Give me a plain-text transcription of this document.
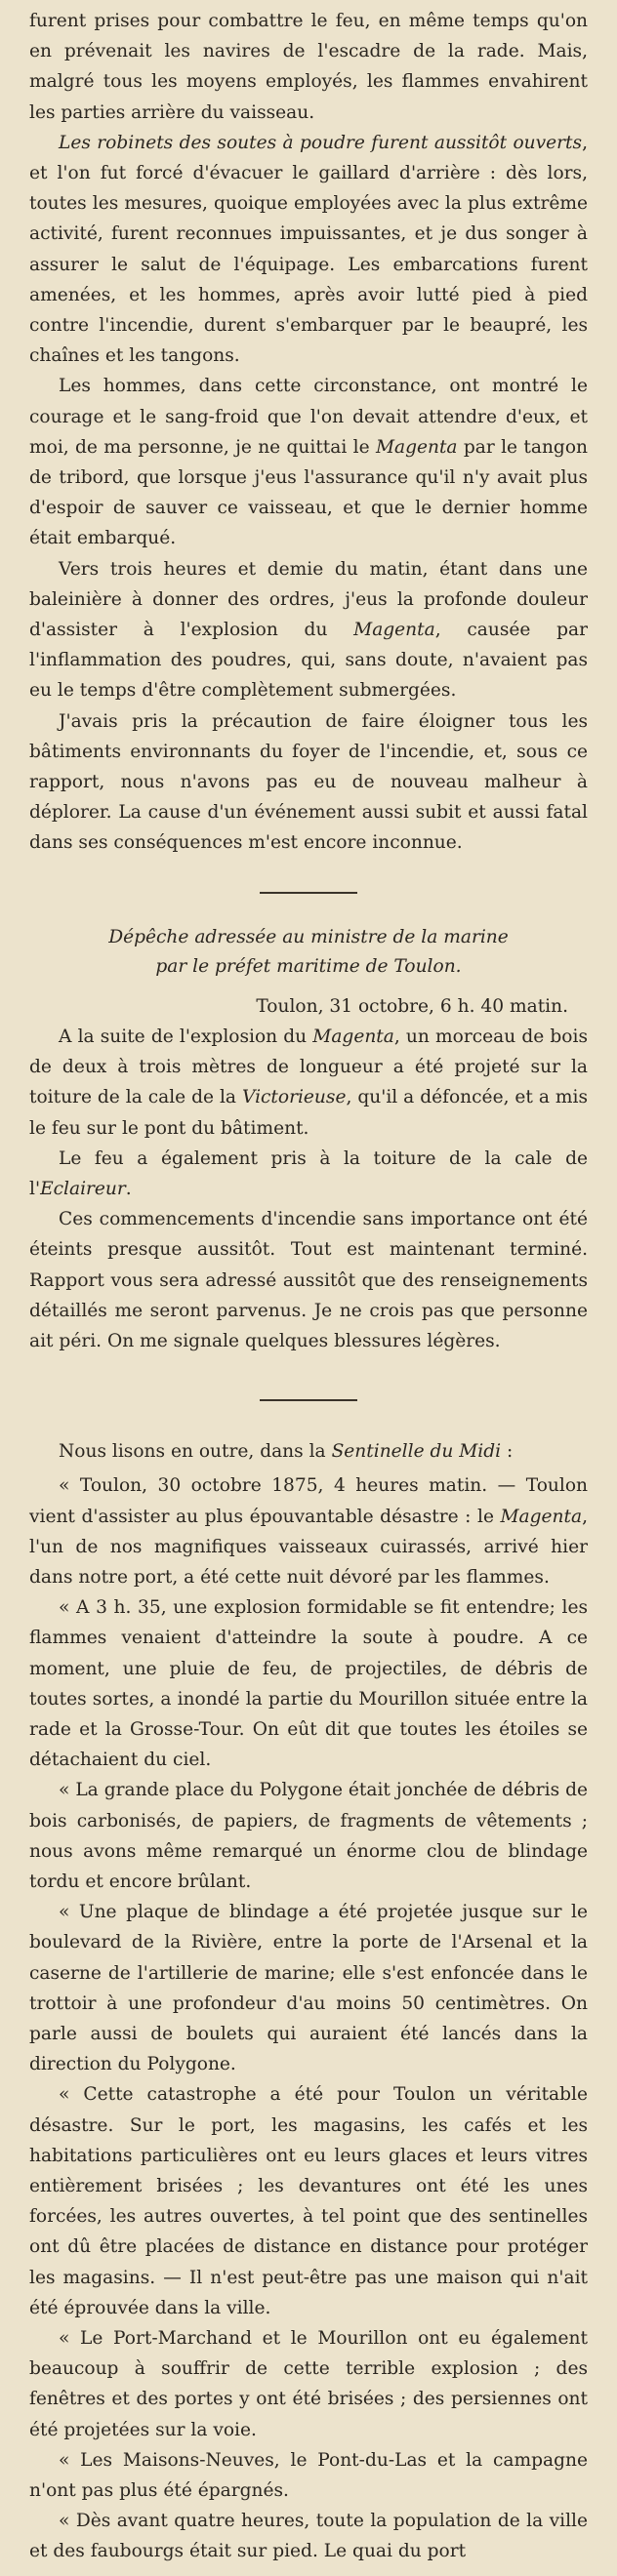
furent prises pour combattre le feu, en même temps qu'on en prévenait les navires de l'escadre de la rade. Mais, malgré tous les moyens employés, les flammes envahirent les parties arrière du vaisseau.

Les robinets des soutes à poudre furent aussitôt ouverts, et l'on fut forcé d'évacuer le gaillard d'arrière : dès lors, toutes les mesures, quoique employées avec la plus extrême activité, furent reconnues impuissantes, et je dus songer à assurer le salut de l'équipage. Les embarcations furent amenées, et les hommes, après avoir lutté pied à pied contre l'incendie, durent s'embarquer par le beaupré, les chaînes et les tangons.

Les hommes, dans cette circonstance, ont montré le courage et le sang-froid que l'on devait attendre d'eux, et moi, de ma personne, je ne quittai le Magenta par le tangon de tribord, que lorsque j'eus l'assurance qu'il n'y avait plus d'espoir de sauver ce vaisseau, et que le dernier homme était embarqué.

Vers trois heures et demie du matin, étant dans une baleinière à donner des ordres, j'eus la profonde douleur d'assister à l'explosion du Magenta, causée par l'inflammation des poudres, qui, sans doute, n'avaient pas eu le temps d'être complètement submergées.

J'avais pris la précaution de faire éloigner tous les bâtiments environnants du foyer de l'incendie, et, sous ce rapport, nous n'avons pas eu de nouveau malheur à déplorer. La cause d'un événement aussi subit et aussi fatal dans ses conséquences m'est encore inconnue.

Dépêche adressée au ministre de la marine

par le préfet maritime de Toulon.

Toulon, 31 octobre, 6 h. 40 matin.

A la suite de l'explosion du Magenta, un morceau de bois de deux à trois mètres de longueur a été projeté sur la toiture de la cale de la Victorieuse, qu'il a défoncée, et a mis le feu sur le pont du bâtiment.

Le feu a également pris à la toiture de la cale de l'Eclaireur.

Ces commencements d'incendie sans importance ont été éteints presque aussitôt. Tout est maintenant terminé. Rapport vous sera adressé aussitôt que des renseignements détaillés me seront parvenus. Je ne crois pas que personne ait péri. On me signale quelques blessures légères.

Nous lisons en outre, dans la Sentinelle du Midi :

« Toulon, 30 octobre 1875, 4 heures matin. — Toulon vient d'assister au plus épouvantable désastre : le Magenta, l'un de nos magnifiques vaisseaux cuirassés, arrivé hier dans notre port, a été cette nuit dévoré par les flammes.

« A 3 h. 35, une explosion formidable se fit entendre; les flammes venaient d'atteindre la soute à poudre. A ce moment, une pluie de feu, de projectiles, de débris de toutes sortes, a inondé la partie du Mourillon située entre la rade et la Grosse-Tour. On eût dit que toutes les étoiles se détachaient du ciel.

« La grande place du Polygone était jonchée de débris de bois carbonisés, de papiers, de fragments de vêtements ; nous avons même remarqué un énorme clou de blindage tordu et encore brûlant.

« Une plaque de blindage a été projetée jusque sur le boulevard de la Rivière, entre la porte de l'Arsenal et la caserne de l'artillerie de marine; elle s'est enfoncée dans le trottoir à une profondeur d'au moins 50 centimètres. On parle aussi de boulets qui auraient été lancés dans la direction du Polygone.

« Cette catastrophe a été pour Toulon un véritable désastre. Sur le port, les magasins, les cafés et les habitations particulières ont eu leurs glaces et leurs vitres entièrement brisées ; les devantures ont été les unes forcées, les autres ouvertes, à tel point que des sentinelles ont dû être placées de distance en distance pour protéger les magasins. — Il n'est peut-être pas une maison qui n'ait été éprouvée dans la ville.

« Le Port-Marchand et le Mourillon ont eu également beaucoup à souffrir de cette terrible explosion ; des fenêtres et des portes y ont été brisées ; des persiennes ont été projetées sur la voie.

« Les Maisons-Neuves, le Pont-du-Las et la campagne n'ont pas plus été épargnés.

« Dès avant quatre heures, toute la population de la ville et des faubourgs était sur pied. Le quai du port
